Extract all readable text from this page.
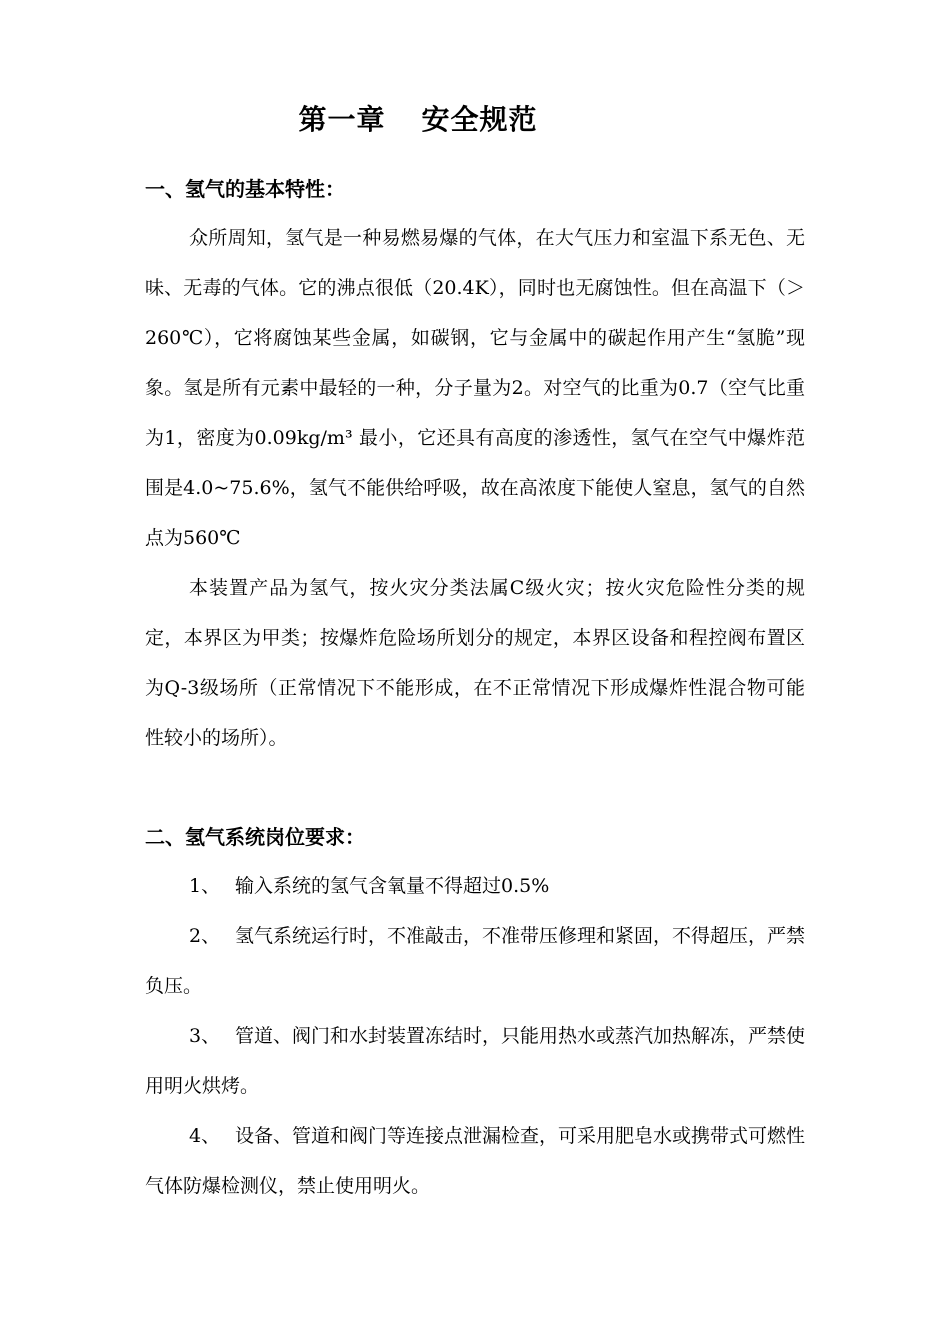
第一章 安全规范
一、氢气的基本特性：

众所周知，氢气是一种易燃易爆的气体，在大气压力和室温下系无色、无味、无毒的气体。它的沸点很低（20.4K），同时也无腐蚀性。但在高温下（＞260℃），它将腐蚀某些金属，如碳钢，它与金属中的碳起作用产生“氢脆”现象。氢是所有元素中最轻的一种，分子量为2。对空气的比重为0.7（空气比重为1，密度为0.09kg/m³ 最小，它还具有高度的渗透性，氢气在空气中爆炸范围是4.0~75.6%，氢气不能供给呼吸，故在高浓度下能使人窒息，氢气的自然点为560℃

本装置产品为氢气，按火灾分类法属C级火灾；按火灾危险性分类的规定，本界区为甲类；按爆炸危险场所划分的规定，本界区设备和程控阀布置区为Q-3级场所（正常情况下不能形成，在不正常情况下形成爆炸性混合物可能性较小的场所）。

二、氢气系统岗位要求：

1、 输入系统的氢气含氧量不得超过0.5%

2、 氢气系统运行时，不准敲击，不准带压修理和紧固，不得超压，严禁负压。

3、 管道、阀门和水封装置冻结时，只能用热水或蒸汽加热解冻，严禁使用明火烘烤。

4、 设备、管道和阀门等连接点泄漏检查，可采用肥皂水或携带式可燃性气体防爆检测仪，禁止使用明火。
